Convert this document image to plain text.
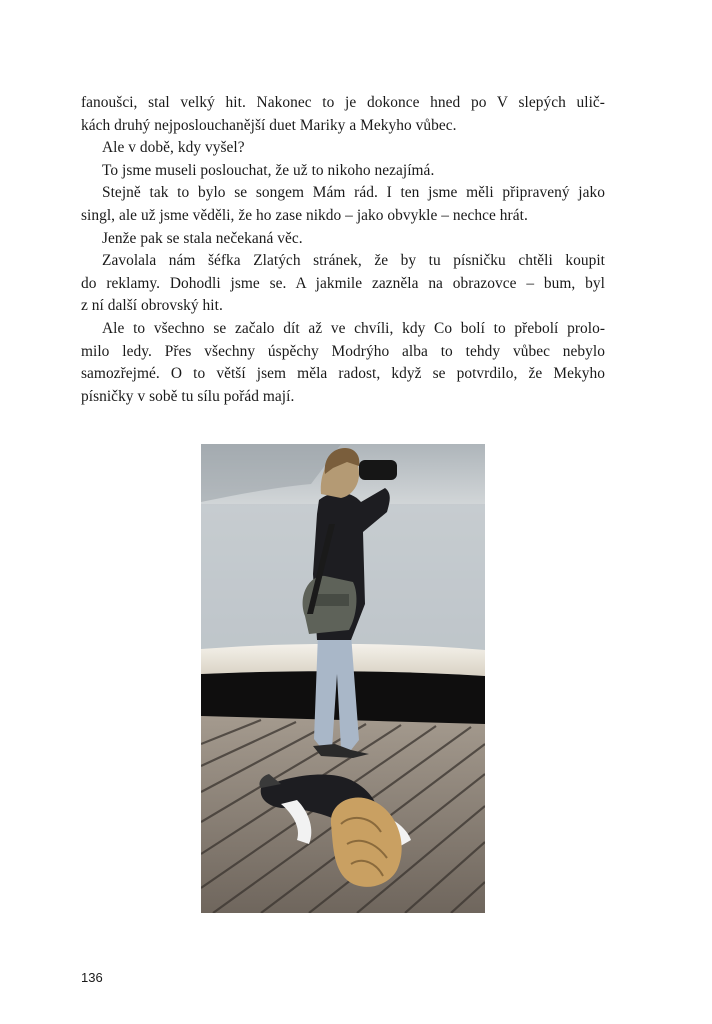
fanoušci, stal velký hit. Nakonec to je dokonce hned po V slepých ulič-
kách druhý nejposlouchanější duet Mariky a Mekyho vůbec.
Ale v době, kdy vyšel?
To jsme museli poslouchat, že už to nikoho nezajímá.
Stejně tak to bylo se songem Mám rád. I ten jsme měli připravený jako
singl, ale už jsme věděli, že ho zase nikdo – jako obvykle – nechce hrát.
Jenže pak se stala nečekaná věc.
Zavolala nám šéfka Zlatých stránek, že by tu písničku chtěli koupit
do reklamy. Dohodli jsme se. A jakmile zazněla na obrazovce – bum, byl
z ní další obrovský hit.
Ale to všechno se začalo dít až ve chvíli, kdy Co bolí to přebolí prolo-
milo ledy. Přes všechny úspěchy Modrýho alba to tehdy vůbec nebylo
samozřejmé. O to větší jsem měla radost, když se potvrdilo, že Mekyho
písničky v sobě tu sílu pořád mají.
136
